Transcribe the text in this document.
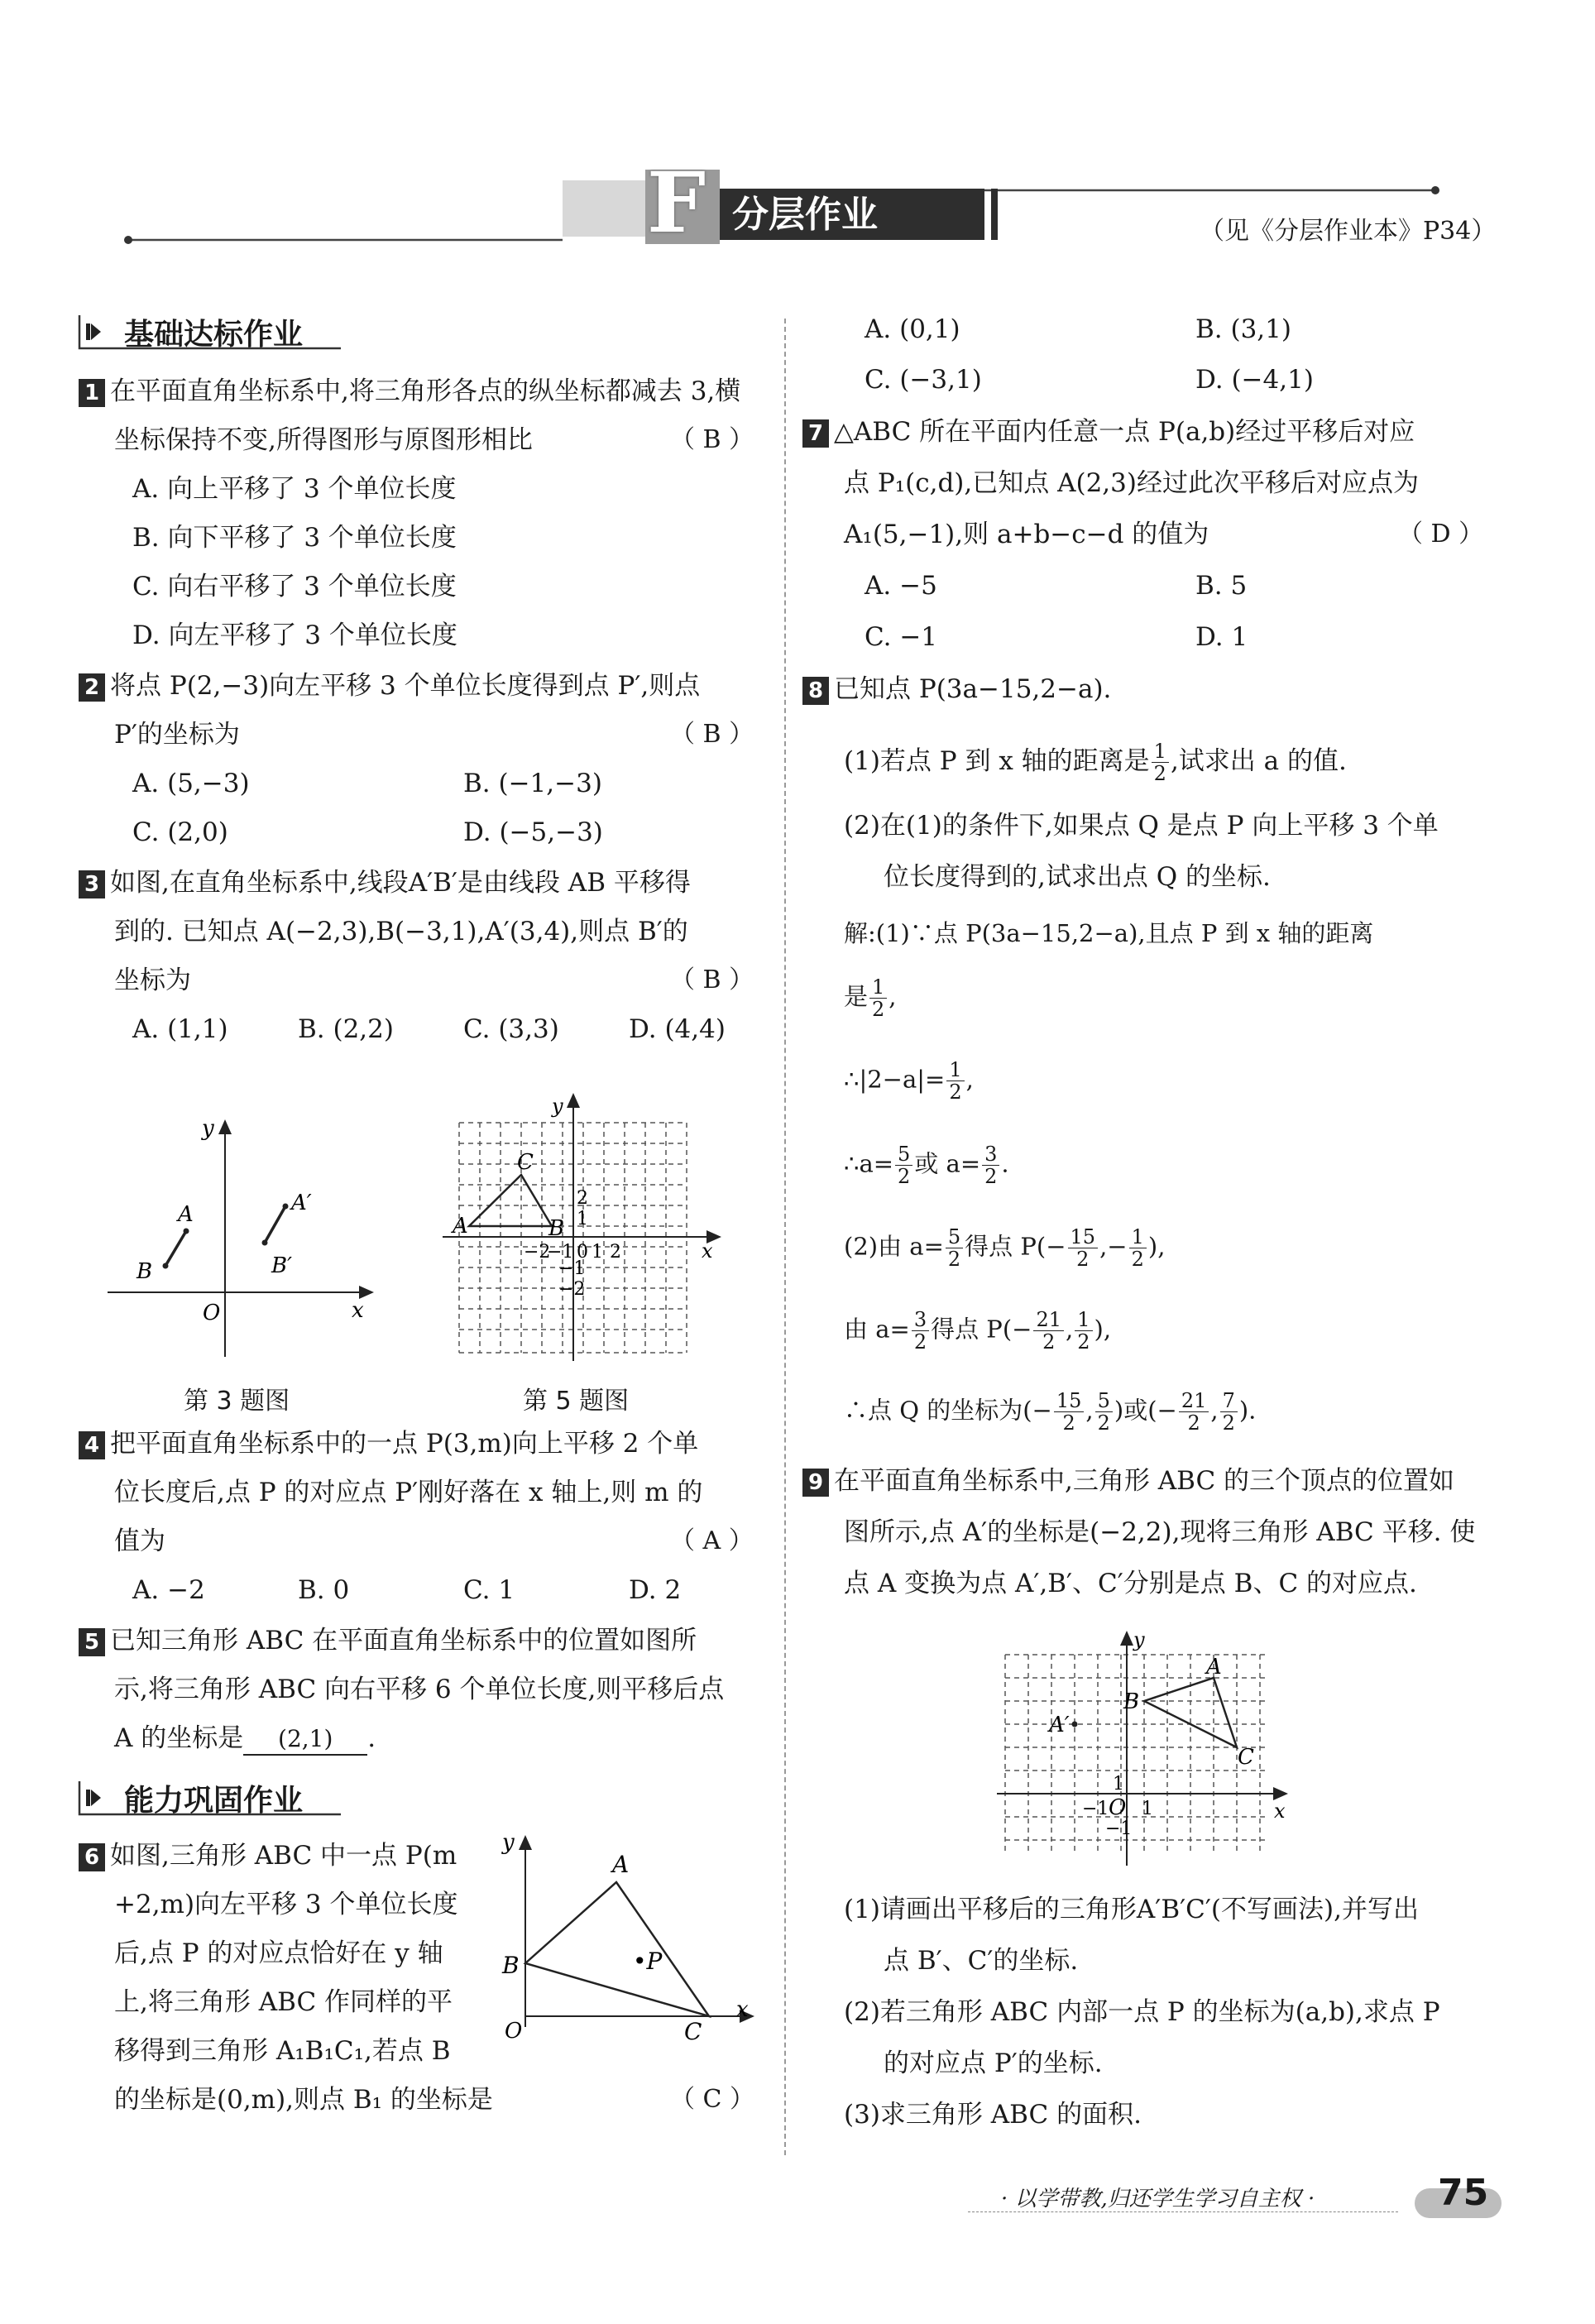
F 分层作业	（见《分层作业本》P34）
基础达标作业
1 在平面直角坐标系中,将三角形各点的纵坐标都减去 3,横
坐标保持不变,所得图形与原图形相比	（ B ）
A. 向上平移了 3 个单位长度
B. 向下平移了 3 个单位长度
C. 向右平移了 3 个单位长度
D. 向左平移了 3 个单位长度
2 将点 P(2,−3)向左平移 3 个单位长度得到点 P′,则点
P′的坐标为	（ B ）
A. (5,−3)	B. (−1,−3)
C. (2,0)	D. (−5,−3)
3 如图,在直角坐标系中,线段A′B′是由线段 AB 平移得
到的. 已知点 A(−2,3),B(−3,1),A′(3,4),则点 B′的
坐标为	（ B ）
A. (1,1)	B. (2,2)	C. (3,3)	D. (4,4)
y
x
O
A
B
A′
B′
第 3 题图
y
x
A	B
C
2
1
−2
−1 0 1 2
−1
−2
第 5 题图
4 把平面直角坐标系中的一点 P(3,m)向上平移 2 个单
位长度后,点 P 的对应点 P′刚好落在 x 轴上,则 m 的
值为	（ A ）
A. −2	B. 0	C. 1	D. 2
5 已知三角形 ABC 在平面直角坐标系中的位置如图所
示,将三角形 ABC 向右平移 6 个单位长度,则平移后点
A 的坐标是 (2,1) .
能力巩固作业
6 如图,三角形 ABC 中一点 P(m
+2,m)向左平移 3 个单位长度
后,点 P 的对应点恰好在 y 轴
上,将三角形 ABC 作同样的平
移得到三角形 A₁B₁C₁,若点 B
的坐标是(0,m),则点 B₁ 的坐标是	（ C ）
y
x
O
A
B
C
•P
A. (0,1)	B. (3,1)
C. (−3,1)	D. (−4,1)
7 △ABC 所在平面内任意一点 P(a,b)经过平移后对应
点 P₁(c,d),已知点 A(2,3)经过此次平移后对应点为
A₁(5,−1),则 a+b−c−d 的值为	（ D ）
A. −5	B. 5
C. −1	D. 1
8 已知点 P(3a−15,2−a).
(1)若点 P 到 x 轴的距离是 $\frac{1}{2}$ ,试求出 a 的值.
(2)在(1)的条件下,如果点 Q 是点 P 向上平移 3 个单
位长度得到的,试求出点 Q 的坐标.
解:(1)∵点 P(3a−15,2−a),且点 P 到 x 轴的距离
是 $\frac{1}{2}$ ,
∴|2−a|= $\frac{1}{2}$ ,
∴a= $\frac{5}{2}$ 或 $a= \frac{3}{2}$ .
(2)由 $a= \frac{5}{2}$ 得点 $P(- \frac{15}{2}$ ,− $\frac{1}{2}$ ),
由 $a= \frac{3}{2}$ 得点 $P(- \frac{21}{2}$ , $\frac{1}{2}$ ),
∴点 Q 的坐标为(− $\frac{15}{2}$ , $\frac{5}{2}$ )或(− $\frac{21}{2}$ , $\frac{7}{2}$ ).
9 在平面直角坐标系中,三角形 ABC 的三个顶点的位置如
图所示,点 A′的坐标是(−2,2),现将三角形 ABC 平移. 使
点 A 变换为点 A′,B′、C′分别是点 B、C 的对应点.
y
x
O
A
B
C
A′
1
−1 1
−1
(1)请画出平移后的三角形A′B′C′(不写画法),并写出
点 B′、C′的坐标.
(2)若三角形 ABC 内部一点 P 的坐标为(a,b),求点 P
的对应点 P′的坐标.
(3)求三角形 ABC 的面积.
· 以学带教,归还学生学习自主权 ·	75
